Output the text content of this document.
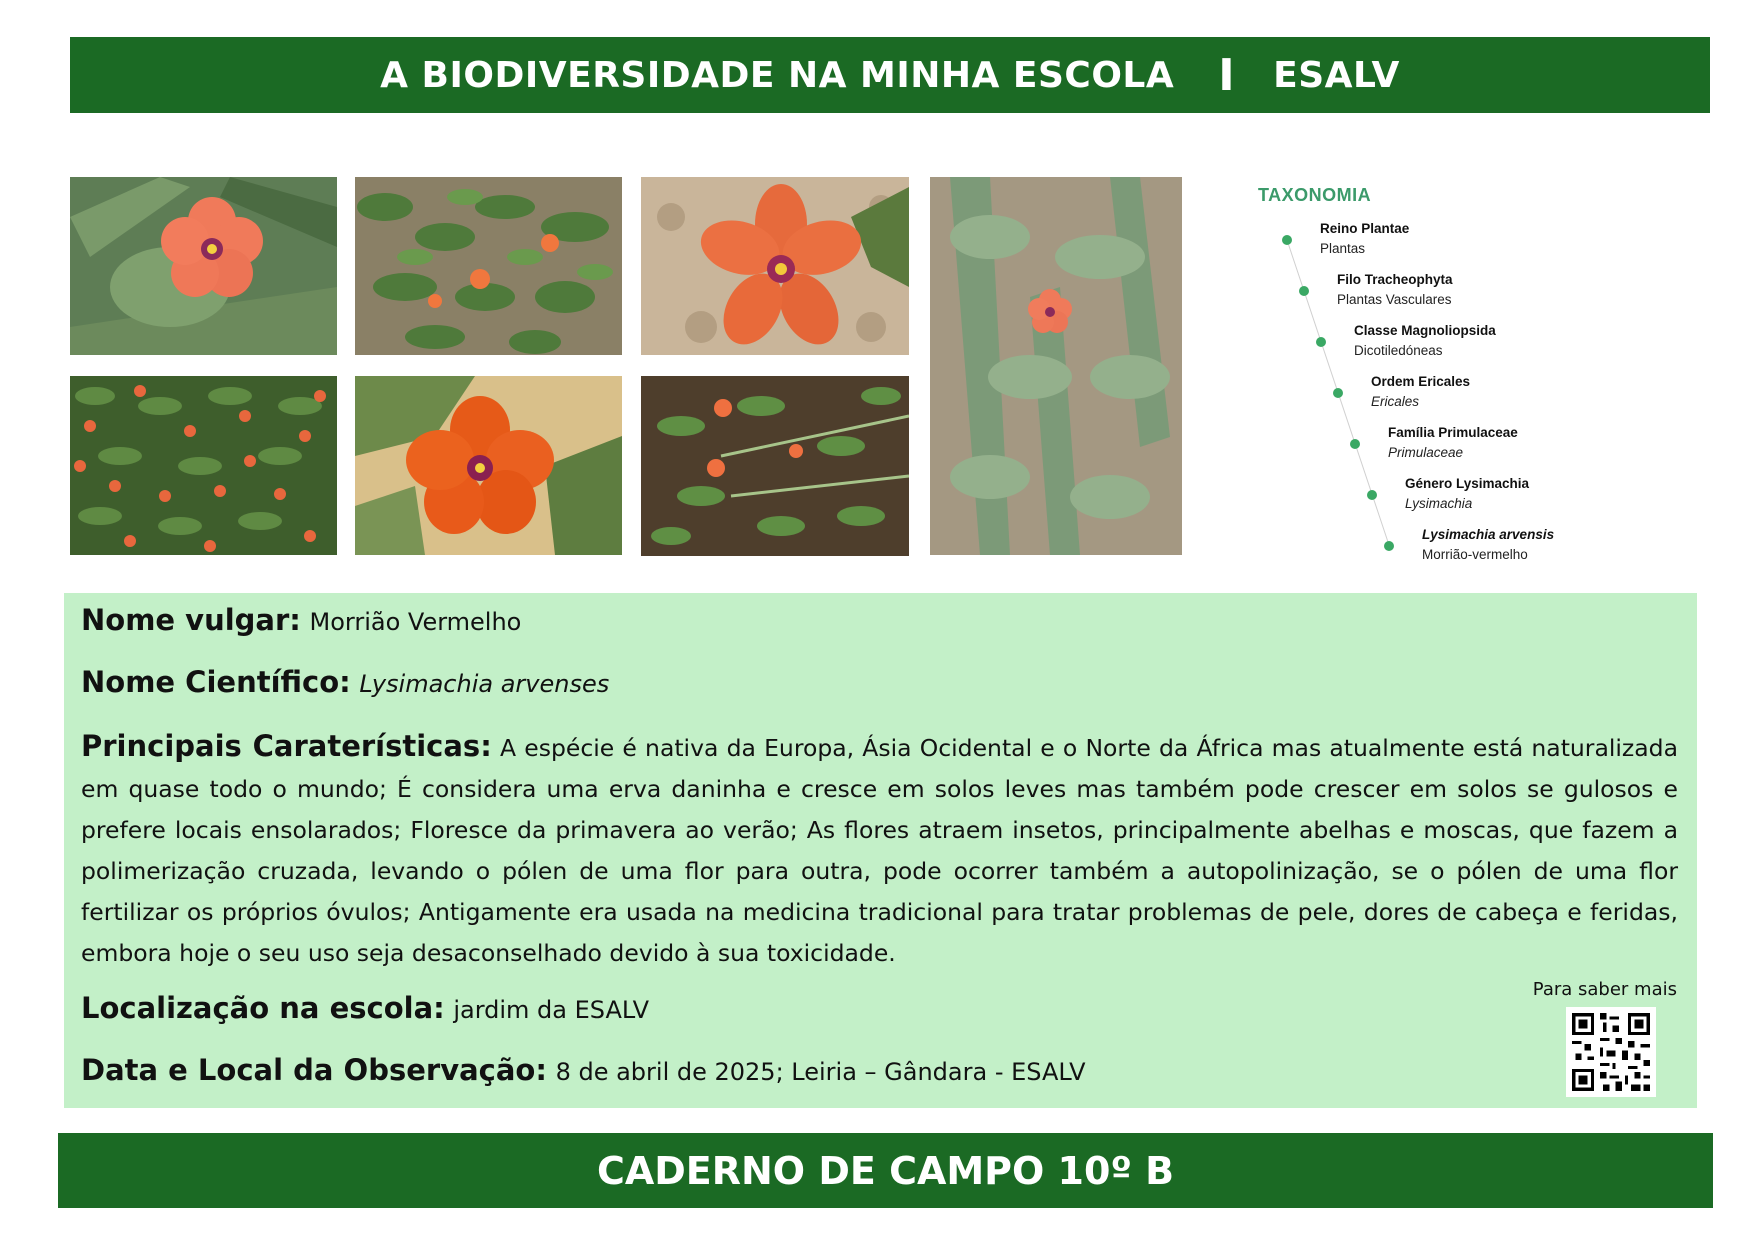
A BIODIVERSIDADE NA MINHA ESCOLA I ESALV
TAXONOMIA
Reino Plantae
Plantas
Filo Tracheophyta
Plantas Vasculares
Classe Magnoliopsida
Dicotiledóneas
Ordem Ericales
Ericales
Família Primulaceae
Primulaceae
Género Lysimachia
Lysimachia
Lysimachia arvensis
Morrião-vermelho
Nome vulgar: Morrião Vermelho
Nome Científico: Lysimachia arvenses
Principais Caraterísticas: A espécie é nativa da Europa, Ásia Ocidental e o Norte da África mas atualmente está naturalizada em quase todo o mundo; É considera uma erva daninha e cresce em solos leves mas também pode crescer em solos se gulosos e prefere locais ensolarados; Floresce da primavera ao verão; As flores atraem insetos, principalmente abelhas e moscas, que fazem a polimerização cruzada, levando o pólen de uma flor para outra, pode ocorrer também a autopolinização, se o pólen de uma flor fertilizar os próprios óvulos; Antigamente era usada na medicina tradicional para tratar problemas de pele, dores de cabeça e feridas, embora hoje o seu uso seja desaconselhado devido à sua toxicidade.
Localização na escola: jardim da ESALV
Data e Local da Observação: 8 de abril de 2025; Leiria – Gândara - ESALV
Para saber mais
CADERNO DE CAMPO 10º B
